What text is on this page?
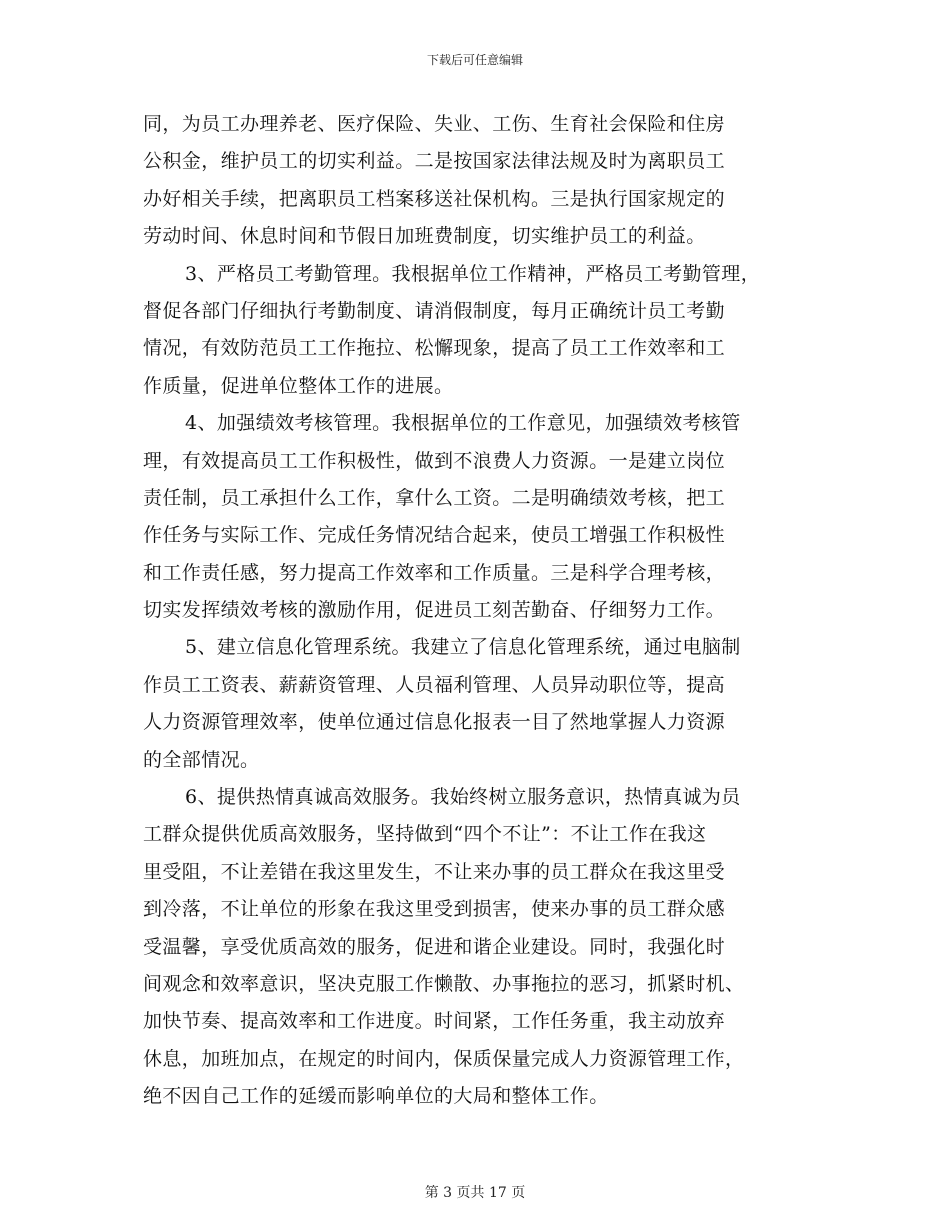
下载后可任意编辑
同，为员工办理养老、医疗保险、失业、工伤、生育社会保险和住房
公积金，维护员工的切实利益。二是按国家法律法规及时为离职员工
办好相关手续，把离职员工档案移送社保机构。三是执行国家规定的
劳动时间、休息时间和节假日加班费制度，切实维护员工的利益。
3、严格员工考勤管理。我根据单位工作精神，严格员工考勤管理，
督促各部门仔细执行考勤制度、请消假制度，每月正确统计员工考勤
情况，有效防范员工工作拖拉、松懈现象，提高了员工工作效率和工
作质量，促进单位整体工作的进展。
4、加强绩效考核管理。我根据单位的工作意见，加强绩效考核管
理，有效提高员工工作积极性，做到不浪费人力资源。一是建立岗位
责任制，员工承担什么工作，拿什么工资。二是明确绩效考核，把工
作任务与实际工作、完成任务情况结合起来，使员工增强工作积极性
和工作责任感，努力提高工作效率和工作质量。三是科学合理考核，
切实发挥绩效考核的激励作用，促进员工刻苦勤奋、仔细努力工作。
5、建立信息化管理系统。我建立了信息化管理系统，通过电脑制
作员工工资表、薪薪资管理、人员福利管理、人员异动职位等，提高
人力资源管理效率，使单位通过信息化报表一目了然地掌握人力资源
的全部情况。
6、提供热情真诚高效服务。我始终树立服务意识，热情真诚为员
工群众提供优质高效服务，坚持做到“四个不让”：不让工作在我这
里受阻，不让差错在我这里发生，不让来办事的员工群众在我这里受
到冷落，不让单位的形象在我这里受到损害，使来办事的员工群众感
受温馨，享受优质高效的服务，促进和谐企业建设。同时，我强化时
间观念和效率意识，坚决克服工作懒散、办事拖拉的恶习，抓紧时机、
加快节奏、提高效率和工作进度。时间紧，工作任务重，我主动放弃
休息，加班加点，在规定的时间内，保质保量完成人力资源管理工作，
绝不因自己工作的延缓而影响单位的大局和整体工作。
第 3 页共 17 页
